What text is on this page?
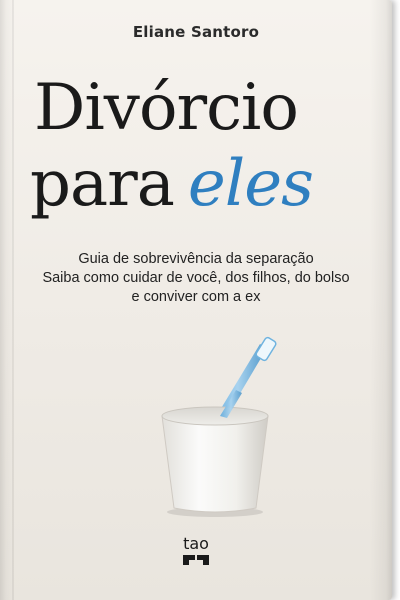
Eliane Santoro
Divórcio
para eles
Guia de sobrevivência da separação
Saiba como cuidar de você, dos filhos, do bolso
e conviver com a ex
tao
